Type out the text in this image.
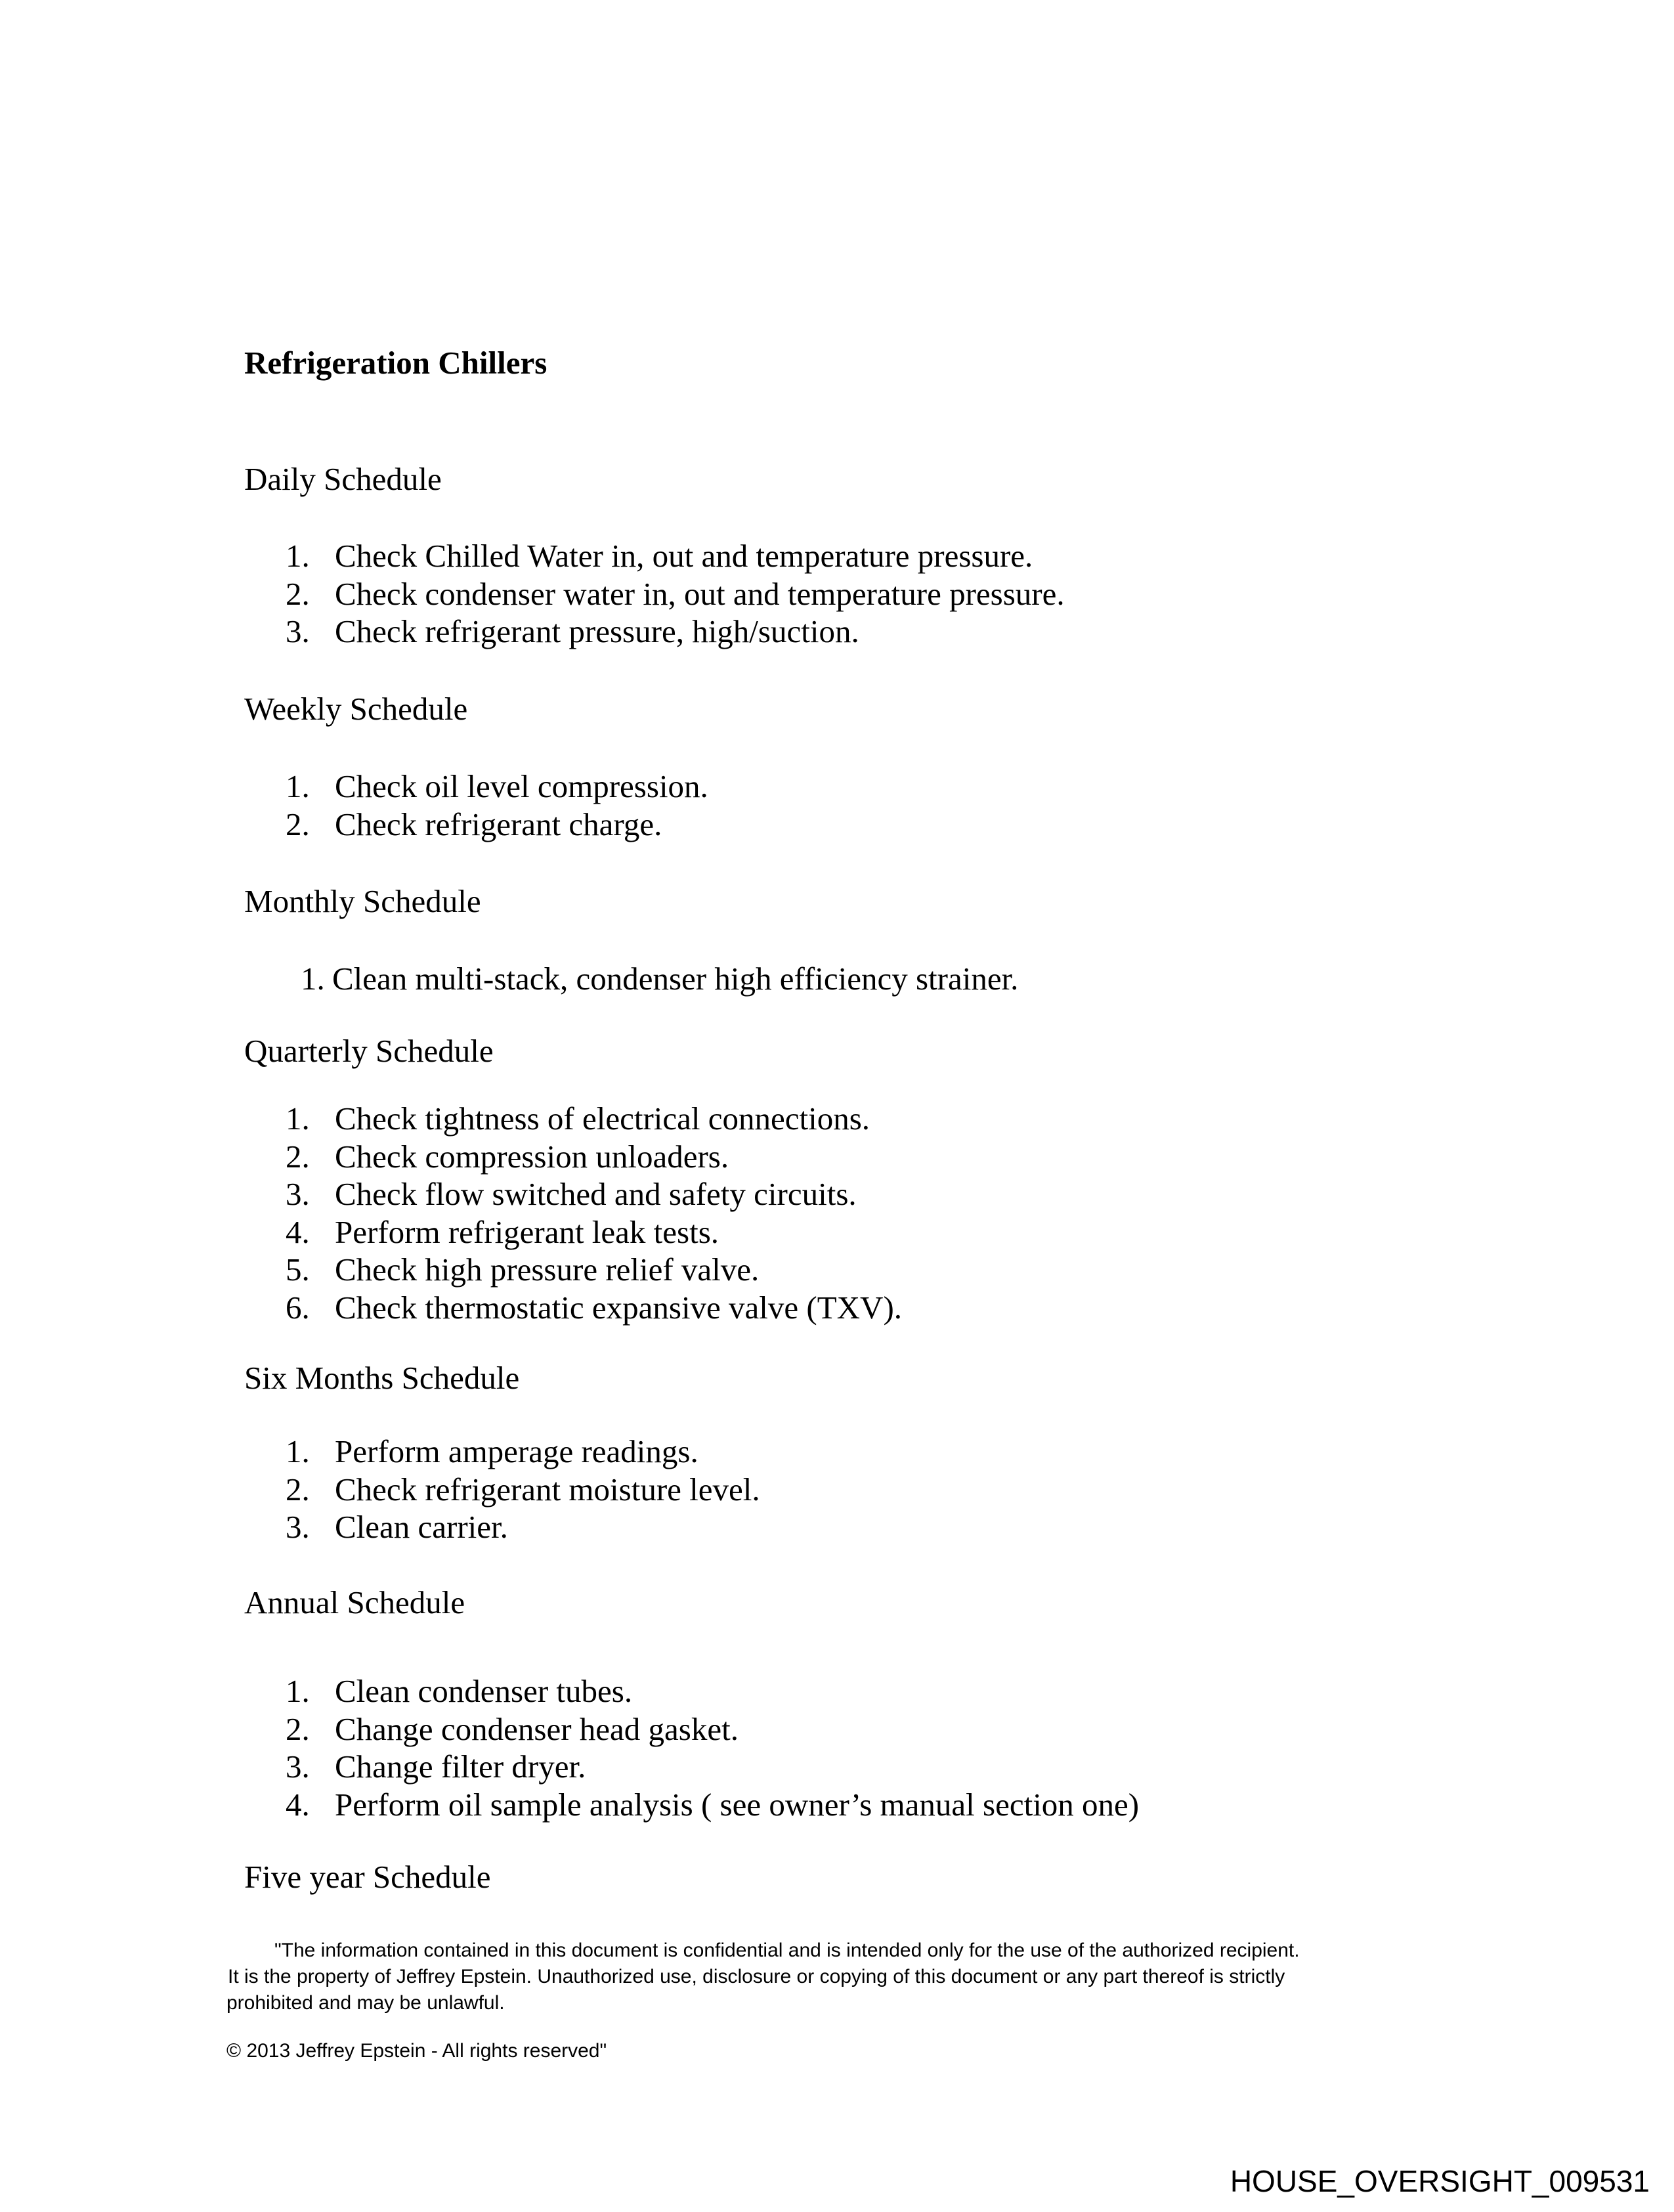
Refrigeration Chillers
Daily Schedule
1. Check Chilled Water in, out and temperature pressure.
2. Check condenser water in, out and temperature pressure.
3. Check refrigerant pressure, high/suction.
Weekly Schedule
1. Check oil level compression.
2. Check refrigerant charge.
Monthly Schedule
1. Clean multi-stack, condenser high efficiency strainer.
Quarterly Schedule
1. Check tightness of electrical connections.
2. Check compression unloaders.
3. Check flow switched and safety circuits.
4. Perform refrigerant leak tests.
5. Check high pressure relief valve.
6. Check thermostatic expansive valve (TXV).
Six Months Schedule
1. Perform amperage readings.
2. Check refrigerant moisture level.
3. Clean carrier.
Annual Schedule
1. Clean condenser tubes.
2. Change condenser head gasket.
3. Change filter dryer.
4. Perform oil sample analysis ( see owner’s manual section one)
Five year Schedule
"The information contained in this document is confidential and is intended only for the use of the authorized recipient.
It is the property of Jeffrey Epstein. Unauthorized use, disclosure or copying of this document or any part thereof is strictly
prohibited and may be unlawful.
© 2013 Jeffrey Epstein - All rights reserved"
HOUSE_OVERSIGHT_009531
